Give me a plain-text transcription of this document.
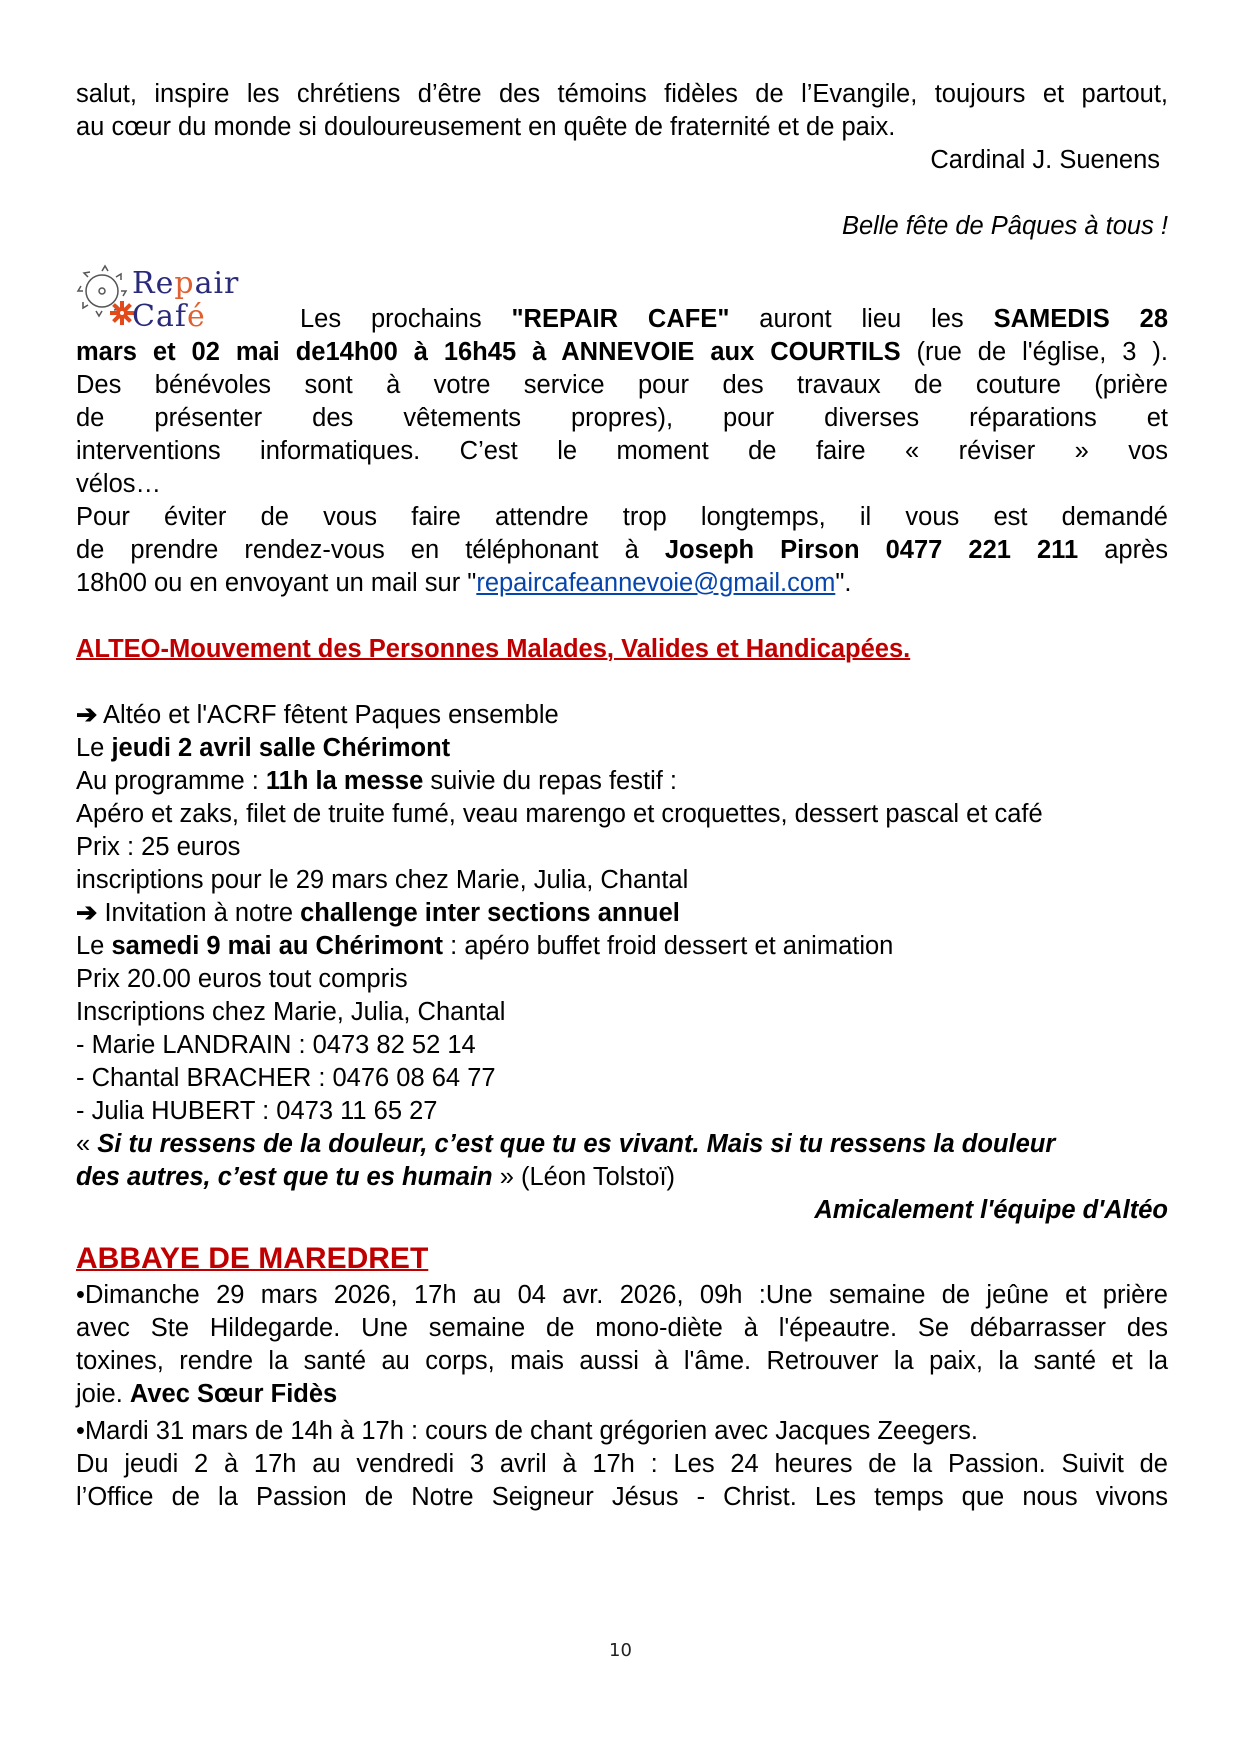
salut, inspire les chrétiens d’être des témoins fidèles de l’Evangile, toujours et partout,
au cœur du monde si douloureusement en quête de fraternité et de paix.
Cardinal J. Suenens
Belle fête de Pâques à tous !
Repair Café	Les prochains "REPAIR CAFE" auront lieu les SAMEDIS 28
mars et 02 mai de14h00 à 16h45 à ANNEVOIE aux COURTILS (rue de l'église, 3 ).
Des bénévoles sont à votre service pour des travaux de couture (prière
de présenter des vêtements propres), pour diverses réparations et
interventions informatiques. C’est le moment de faire « réviser » vos
vélos…
Pour éviter de vous faire attendre trop longtemps, il vous est demandé
de prendre rendez-vous en téléphonant à Joseph Pirson 0477 221 211 après
18h00 ou en envoyant un mail sur "repaircafeannevoie@gmail.com".
ALTEO-Mouvement des Personnes Malades, Valides et Handicapées.
➔ Altéo et l'ACRF fêtent Paques ensemble
Le jeudi 2 avril salle Chérimont
Au programme : 11h la messe suivie du repas festif :
Apéro et zaks, filet de truite fumé, veau marengo et croquettes, dessert pascal et café
Prix : 25 euros
inscriptions pour le 29 mars chez Marie, Julia, Chantal
➔ Invitation à notre challenge inter sections annuel
Le samedi 9 mai au Chérimont : apéro buffet froid dessert et animation
Prix 20.00 euros tout compris
Inscriptions chez Marie, Julia, Chantal
- Marie LANDRAIN : 0473 82 52 14
- Chantal BRACHER : 0476 08 64 77
- Julia HUBERT : 0473 11 65 27
« Si tu ressens de la douleur, c’est que tu es vivant. Mais si tu ressens la douleur
des autres, c’est que tu es humain » (Léon Tolstoï)
Amicalement l'équipe d'Altéo
ABBAYE DE MAREDRET
•Dimanche 29 mars 2026, 17h au 04 avr. 2026, 09h :Une semaine de jeûne et prière
avec Ste Hildegarde. Une semaine de mono-diète à l'épeautre. Se débarrasser des
toxines, rendre la santé au corps, mais aussi à l'âme. Retrouver la paix, la santé et la
joie. Avec Sœur Fidès
•Mardi 31 mars de 14h à 17h : cours de chant grégorien avec Jacques Zeegers.
Du jeudi 2 à 17h au vendredi 3 avril à 17h : Les 24 heures de la Passion. Suivit de
l’Office de la Passion de Notre Seigneur Jésus - Christ. Les temps que nous vivons
10
